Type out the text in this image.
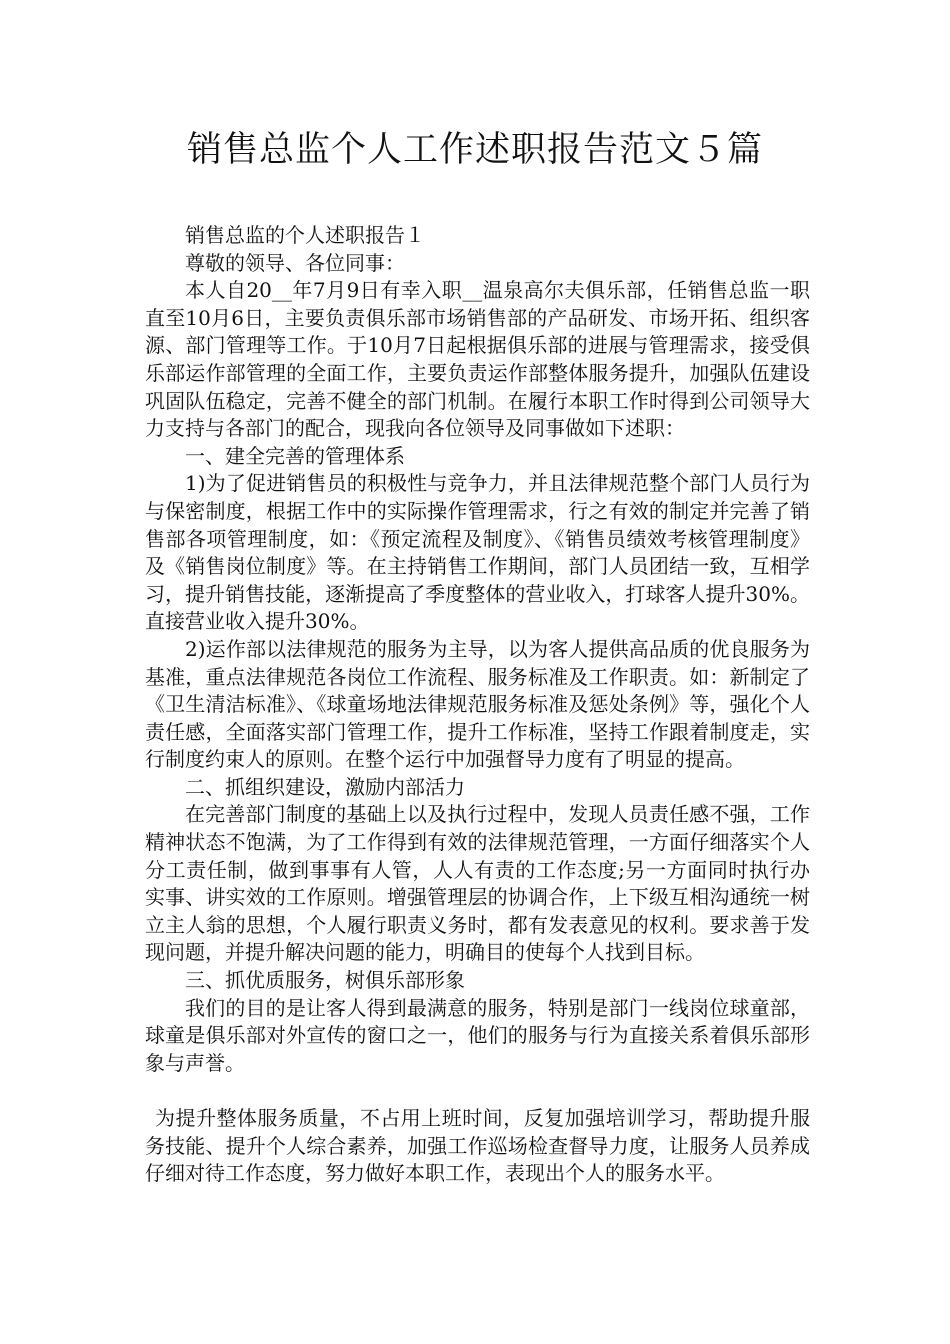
销售总监个人工作述职报告范文５篇

销售总监的个人述职报告１

尊敬的领导、各位同事：

本人自20__年7月9日有幸入职__温泉高尔夫俱乐部，任销售总监一职直至10月6日，主要负责俱乐部市场销售部的产品研发、市场开拓、组织客源、部门管理等工作。于10月7日起根据俱乐部的进展与管理需求，接受俱乐部运作部管理的全面工作，主要负责运作部整体服务提升，加强队伍建设巩固队伍稳定，完善不健全的部门机制。在履行本职工作时得到公司领导大力支持与各部门的配合，现我向各位领导及同事做如下述职：

一、建全完善的管理体系

1)为了促进销售员的积极性与竞争力，并且法律规范整个部门人员行为与保密制度，根据工作中的实际操作管理需求，行之有效的制定并完善了销售部各项管理制度，如：《预定流程及制度》、《销售员绩效考核管理制度》及《销售岗位制度》等。在主持销售工作期间，部门人员团结一致，互相学习，提升销售技能，逐渐提高了季度整体的营业收入，打球客人提升30%。直接营业收入提升30%。

2)运作部以法律规范的服务为主导，以为客人提供高品质的优良服务为基准，重点法律规范各岗位工作流程、服务标准及工作职责。如：新制定了《卫生清洁标准》、《球童场地法律规范服务标准及惩处条例》等，强化个人责任感，全面落实部门管理工作，提升工作标准，坚持工作跟着制度走，实行制度约束人的原则。在整个运行中加强督导力度有了明显的提高。

二、抓组织建设，激励内部活力

在完善部门制度的基础上以及执行过程中，发现人员责任感不强，工作精神状态不饱满，为了工作得到有效的法律规范管理，一方面仔细落实个人分工责任制，做到事事有人管，人人有责的工作态度;另一方面同时执行办实事、讲实效的工作原则。增强管理层的协调合作，上下级互相沟通统一树立主人翁的思想，个人履行职责义务时，都有发表意见的权利。要求善于发现问题，并提升解决问题的能力，明确目的使每个人找到目标。

三、抓优质服务，树俱乐部形象

我们的目的是让客人得到最满意的服务，特别是部门一线岗位球童部，球童是俱乐部对外宣传的窗口之一，他们的服务与行为直接关系着俱乐部形象与声誉。

为提升整体服务质量，不占用上班时间，反复加强培训学习，帮助提升服务技能、提升个人综合素养，加强工作巡场检查督导力度，让服务人员养成仔细对待工作态度，努力做好本职工作，表现出个人的服务水平。
